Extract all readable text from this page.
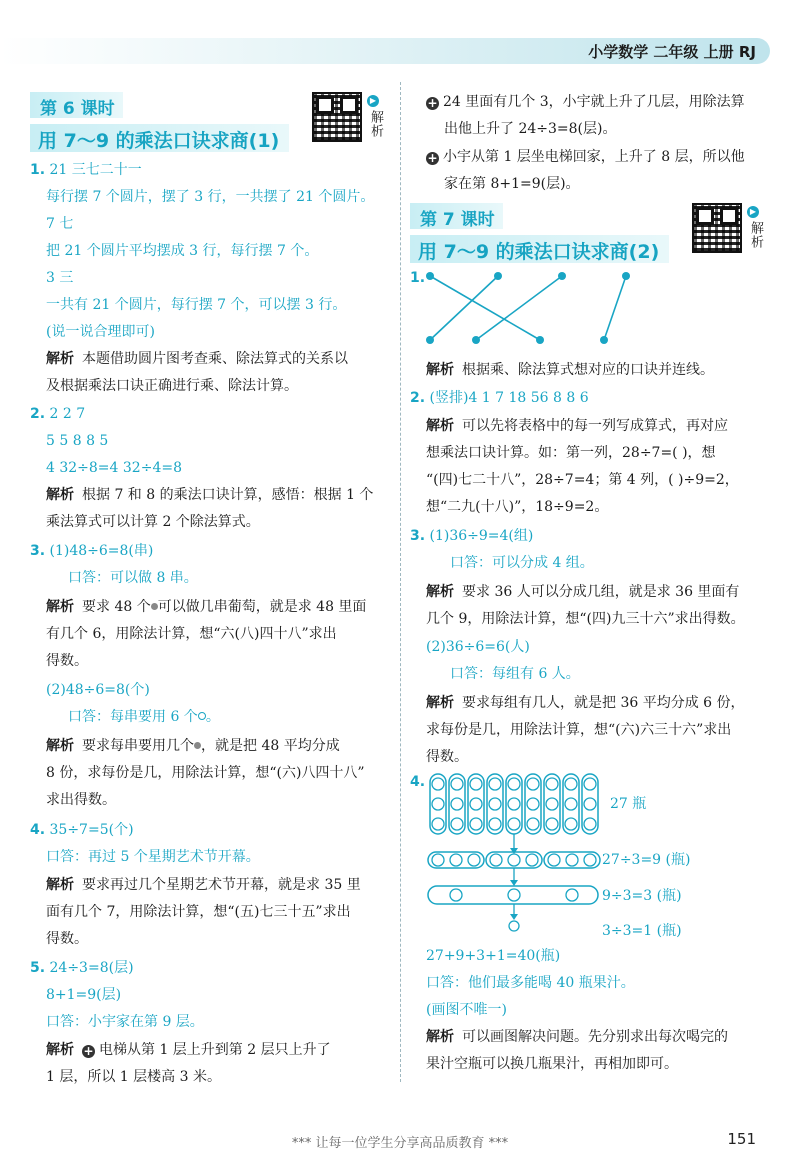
小学数学 二年级 上册 RJ
第 6 课时
用 7～9 的乘法口诀求商(1)
▶
解析
1. 21 三七二十一
每行摆 7 个圆片，摆了 3 行，一共摆了 21 个圆片。
7 七
把 21 个圆片平均摆成 3 行，每行摆 7 个。
3 三
一共有 21 个圆片，每行摆 7 个，可以摆 3 行。
(说一说合理即可)
解析 本题借助圆片图考查乘、除法算式的关系以
及根据乘法口诀正确进行乘、除法计算。
2. 2 2 7
5 5 8 8 5
4 32÷8=4 32÷4=8
解析 根据 7 和 8 的乘法口诀计算，感悟：根据 1 个
乘法算式可以计算 2 个除法算式。
3. (1)48÷6=8(串)
口答：可以做 8 串。
解析 要求 48 个 可以做几串葡萄，就是求 48 里面
有几个 6，用除法计算，想“六(八)四十八”求出
得数。
(2)48÷6=8(个)
口答：每串要用 6 个 。
解析 要求每串要用几个 ，就是把 48 平均分成
8 份，求每份是几，用除法计算，想“(六)八四十八”
求出得数。
4. 35÷7=5(个)
口答：再过 5 个星期艺术节开幕。
解析 要求再过几个星期艺术节开幕，就是求 35 里
面有几个 7，用除法计算，想“(五)七三十五”求出
得数。
5. 24÷3=8(层)
8+1=9(层)
口答：小宇家在第 9 层。
解析 + 电梯从第 1 层上升到第 2 层只上升了
1 层，所以 1 层楼高 3 米。
+ 24 里面有几个 3，小宇就上升了几层，用除法算
出他上升了 24÷3=8(层)。
+ 小宇从第 1 层坐电梯回家，上升了 8 层，所以他
家在第 8+1=9(层)。
第 7 课时
用 7～9 的乘法口诀求商(2)
▶
解析
1.
解析 根据乘、除法算式想对应的口诀并连线。
2. (竖排)4 1 7 18 56 8 8 6
解析 可以先将表格中的每一列写成算式，再对应
想乘法口诀计算。如：第一列，28÷7=( )，想
“(四)七二十八”，28÷7=4；第 4 列，( )÷9=2，
想“二九(十八)”，18÷9=2。
3. (1)36÷9=4(组)
口答：可以分成 4 组。
解析 要求 36 人可以分成几组，就是求 36 里面有
几个 9，用除法计算，想“(四)九三十六”求出得数。
(2)36÷6=6(人)
口答：每组有 6 人。
解析 要求每组有几人，就是把 36 平均分成 6 份，
求每份是几，用除法计算，想“(六)六三十六”求出
得数。
4.
27 瓶
27÷3=9 (瓶)
9÷3=3 (瓶)
3÷3=1 (瓶)
27+9+3+1=40(瓶)
口答：他们最多能喝 40 瓶果汁。
(画图不唯一)
解析 可以画图解决问题。先分别求出每次喝完的
果汁空瓶可以换几瓶果汁，再相加即可。
*** 让每一位学生分享高品质教育 ***	151
